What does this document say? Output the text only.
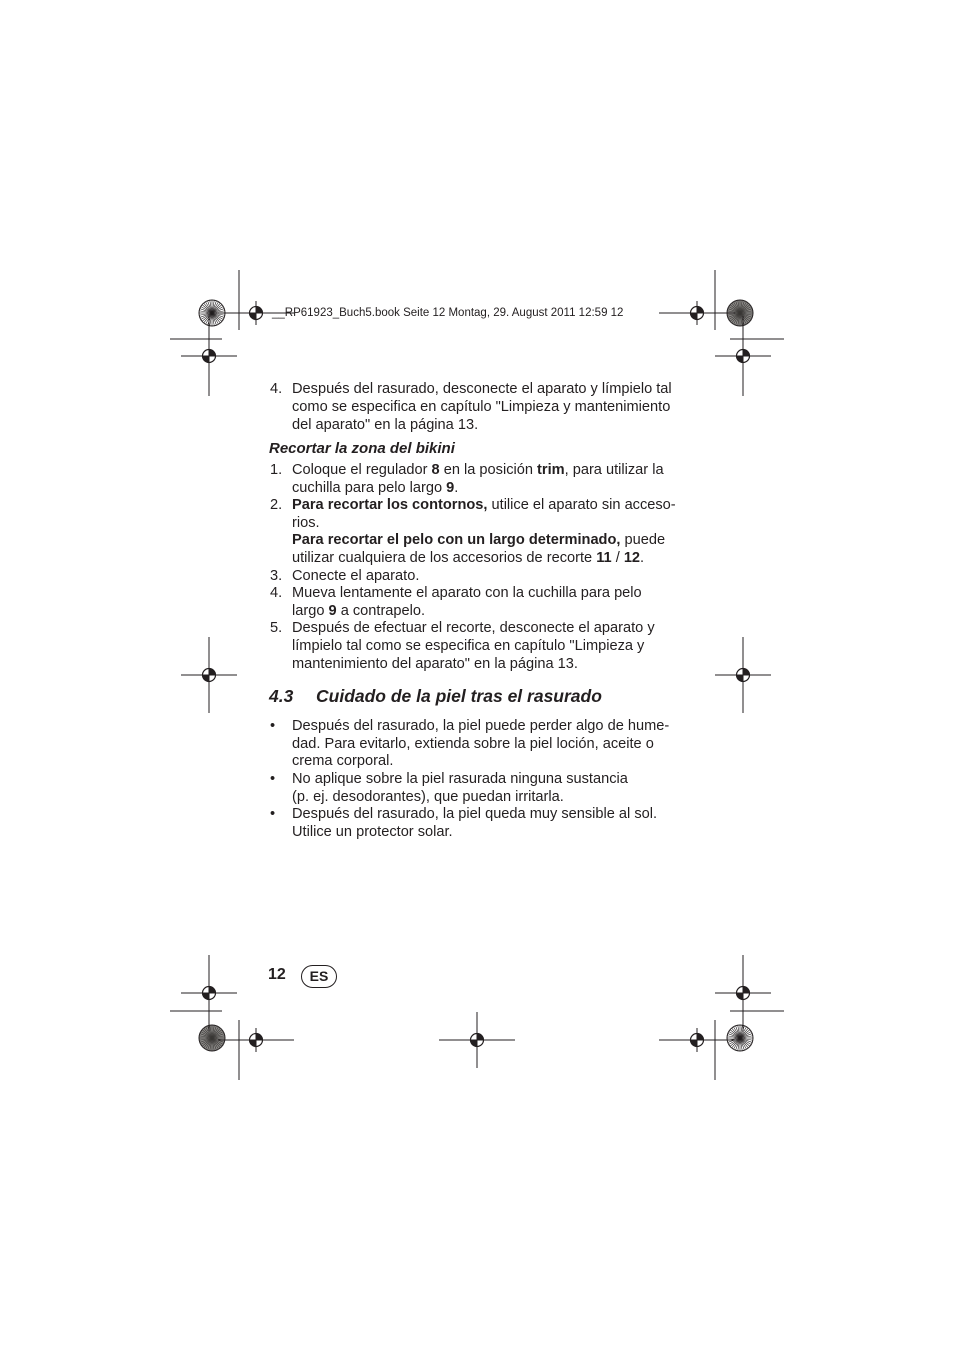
__RP61923_Buch5.book Seite 12 Montag, 29. August 2011 12:59 12
4. Después del rasurado, desconecte el aparato y límpielo tal
como se especifica en capítulo "Limpieza y mantenimiento
del aparato" en la página 13.
Recortar la zona del bikini
1. Coloque el regulador 8 en la posición trim, para utilizar la
cuchilla para pelo largo 9.
2. Para recortar los contornos, utilice el aparato sin acceso-
rios.
Para recortar el pelo con un largo determinado, puede
utilizar cualquiera de los accesorios de recorte 11 / 12.
3. Conecte el aparato.
4. Mueva lentamente el aparato con la cuchilla para pelo
largo 9 a contrapelo.
5. Después de efectuar el recorte, desconecte el aparato y
límpielo tal como se especifica en capítulo "Limpieza y
mantenimiento del aparato" en la página 13.
4.3 Cuidado de la piel tras el rasurado
• Después del rasurado, la piel puede perder algo de hume-
dad. Para evitarlo, extienda sobre la piel loción, aceite o
crema corporal.
• No aplique sobre la piel rasurada ninguna sustancia
(p. ej. desodorantes), que puedan irritarla.
• Después del rasurado, la piel queda muy sensible al sol.
Utilice un protector solar.
12	ES
